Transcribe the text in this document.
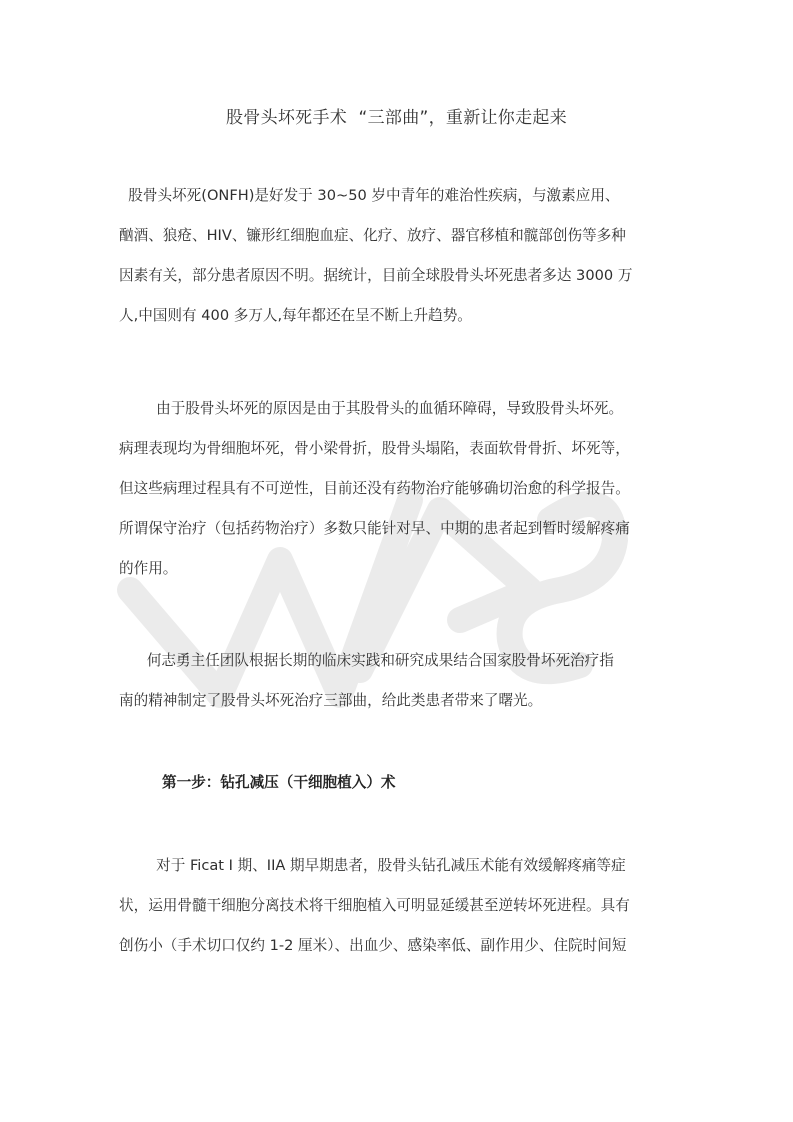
股骨头坏死手术  “三部曲”，重新让你走起来
股骨头坏死(ONFH)是好发于 30~50 岁中青年的难治性疾病，与激素应用、
酗酒、狼疮、HIV、镰形红细胞血症、化疗、放疗、器官移植和髋部创伤等多种
因素有关，部分患者原因不明。据统计，目前全球股骨头坏死患者多达 3000 万
人,中国则有 400 多万人,每年都还在呈不断上升趋势。
由于股骨头坏死的原因是由于其股骨头的血循环障碍，导致股骨头坏死。
病理表现均为骨细胞坏死，骨小梁骨折，股骨头塌陷，表面软骨骨折、坏死等，
但这些病理过程具有不可逆性，目前还没有药物治疗能够确切治愈的科学报告。
所谓保守治疗（包括药物治疗）多数只能针对早、中期的患者起到暂时缓解疼痛
的作用。
何志勇主任团队根据长期的临床实践和研究成果结合国家股骨坏死治疗指
南的精神制定了股骨头坏死治疗三部曲，给此类患者带来了曙光。
第一步：钻孔减压（干细胞植入）术
对于 Ficat I 期、IIA 期早期患者，股骨头钻孔减压术能有效缓解疼痛等症
状，运用骨髓干细胞分离技术将干细胞植入可明显延缓甚至逆转坏死进程。具有
创伤小（手术切口仅约 1-2 厘米）、出血少、感染率低、副作用少、住院时间短
